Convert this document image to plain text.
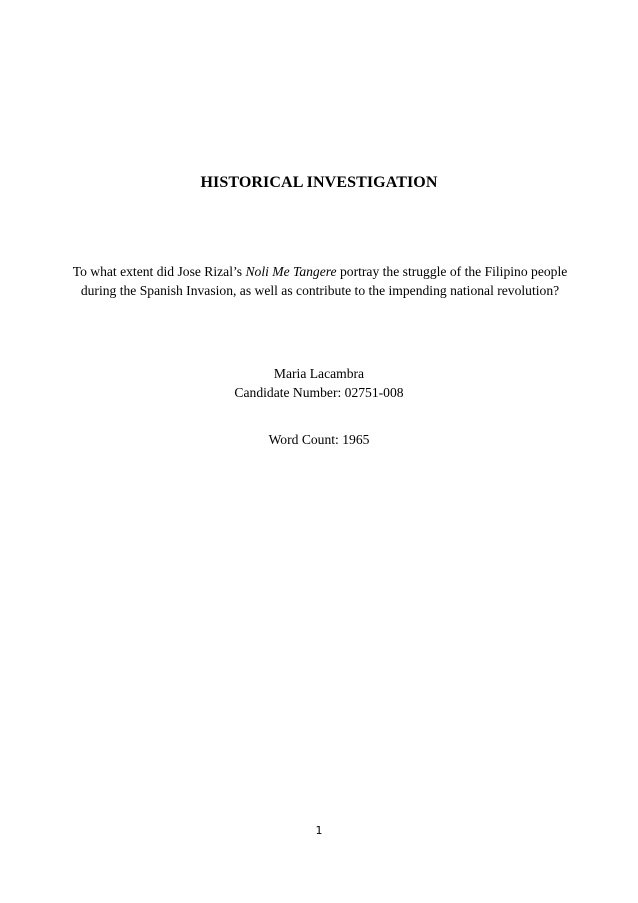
HISTORICAL INVESTIGATION
To what extent did Jose Rizal’s Noli Me Tangere portray the struggle of the Filipino people during the Spanish Invasion, as well as contribute to the impending national revolution?
Maria Lacambra
Candidate Number: 02751-008
Word Count: 1965
1
